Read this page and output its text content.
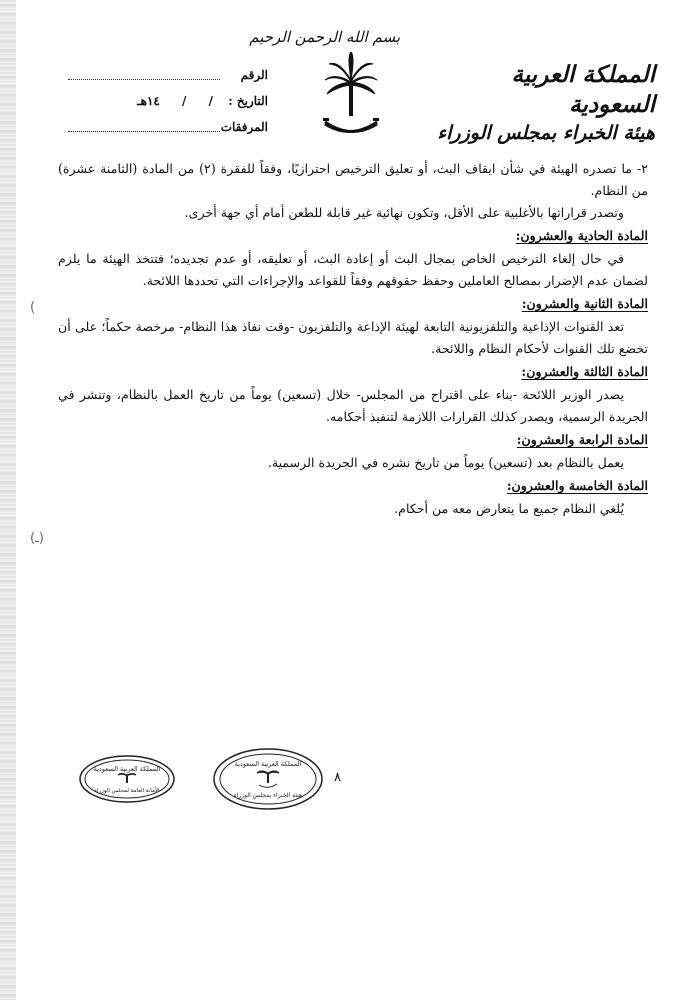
بسم الله الرحمن الرحيم
المملكة العربية السعودية
هيئة الخبراء بمجلس الوزراء
الرقم
التاريخ :
/ / ١٤هـ
المرفقات

٢- ما تصدره الهيئة في شأن ايقاف البث، أو تعليق الترخيص احترازيًا، وفقاً للفقرة (٢) من المادة (الثامنة عشرة) من النظام.

وتصدر قراراتها بالأغلبية على الأقل، وتكون نهائية غير قابلة للطعن أمام أي جهة أخرى.

المادة الحادية والعشرون:

في حال إلغاء الترخيص الخاص بمجال البث أو إعادة البث، أو تعليقه، أو عدم تجديده؛ فتتخذ الهيئة ما يلزم لضمان عدم الإضرار بمصالح العاملين وحفظ حقوقهم وفقاً للقواعد والإجراءات التي تحددها اللائحة.

المادة الثانية والعشرون:

تعد القنوات الإذاعية والتلفزيونية التابعة لهيئة الإذاعة والتلفزيون -وقت نفاذ هذا النظام- مرخصة حكماً؛ على أن تخضع تلك القنوات لأحكام النظام واللائحة.

المادة الثالثة والعشرون:

يصدر الوزير اللائحة -بناء على اقتراح من المجلس- خلال (تسعين) يوماً من تاريخ العمل بالنظام، وتنشر في الجريدة الرسمية، ويصدر كذلك القرارات اللازمة لتنفيذ أحكامه.

المادة الرابعة والعشرون:

يعمل بالنظام بعد (تسعين) يوماً من تاريخ نشره في الجريدة الرسمية.

المادة الخامسة والعشرون:

يُلغي النظام جميع ما يتعارض معه من أحكام.

(
(ـ)
٨
المملكة العربية السعودية
الأمانة العامة لمجلس الوزراء
المملكة العربية السعودية
هيئة الخبراء بمجلس الوزراء
